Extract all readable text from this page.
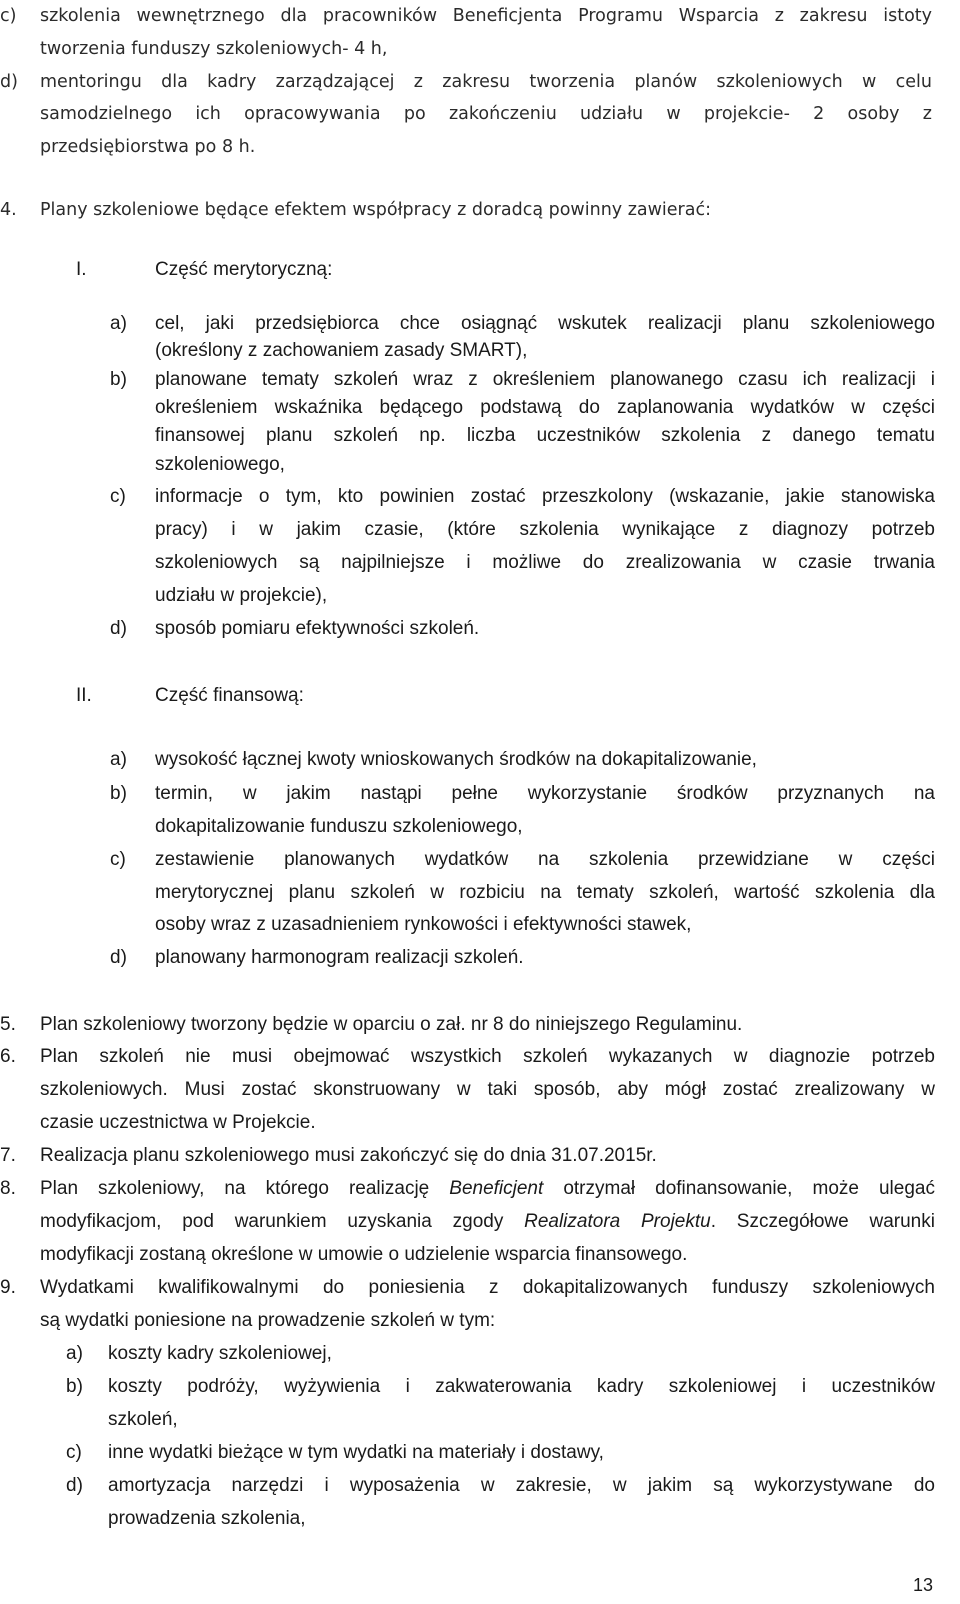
c) szkolenia wewnętrznego dla pracowników Beneficjenta Programu Wsparcia z zakresu istoty
tworzenia funduszy szkoleniowych- 4 h,
d) mentoringu dla kadry zarządzającej z zakresu tworzenia planów szkoleniowych w celu
samodzielnego ich opracowywania po zakończeniu udziału w projekcie- 2 osoby z
przedsiębiorstwa po 8 h.
4. Plany szkoleniowe będące efektem współpracy z doradcą powinny zawierać:
I.	Część merytoryczną:
a) cel, jaki przedsiębiorca chce osiągnąć wskutek realizacji planu szkoleniowego
(określony z zachowaniem zasady SMART),
b) planowane tematy szkoleń wraz z określeniem planowanego czasu ich realizacji i
określeniem wskaźnika będącego podstawą do zaplanowania wydatków w części
finansowej planu szkoleń np. liczba uczestników szkolenia z danego tematu
szkoleniowego,
c) informacje o tym, kto powinien zostać przeszkolony (wskazanie, jakie stanowiska
pracy) i w jakim czasie, (które szkolenia wynikające z diagnozy potrzeb
szkoleniowych są najpilniejsze i możliwe do zrealizowania w czasie trwania
udziału w projekcie),
d) sposób pomiaru efektywności szkoleń.
II.	Część finansową:
a) wysokość łącznej kwoty wnioskowanych środków na dokapitalizowanie,
b) termin, w jakim nastąpi pełne wykorzystanie środków przyznanych na
dokapitalizowanie funduszu szkoleniowego,
c) zestawienie planowanych wydatków na szkolenia przewidziane w części
merytorycznej planu szkoleń w rozbiciu na tematy szkoleń, wartość szkolenia dla
osoby wraz z uzasadnieniem rynkowości i efektywności stawek,
d) planowany harmonogram realizacji szkoleń.
5. Plan szkoleniowy tworzony będzie w oparciu o zał. nr 8 do niniejszego Regulaminu.
6. Plan szkoleń nie musi obejmować wszystkich szkoleń wykazanych w diagnozie potrzeb
szkoleniowych. Musi zostać skonstruowany w taki sposób, aby mógł zostać zrealizowany w
czasie uczestnictwa w Projekcie.
7. Realizacja planu szkoleniowego musi zakończyć się do dnia 31.07.2015r.
8. Plan szkoleniowy, na którego realizację Beneficjent otrzymał dofinansowanie, może ulegać
modyfikacjom, pod warunkiem uzyskania zgody Realizatora Projektu. Szczegółowe warunki
modyfikacji zostaną określone w umowie o udzielenie wsparcia finansowego.
9. Wydatkami kwalifikowalnymi do poniesienia z dokapitalizowanych funduszy szkoleniowych
są wydatki poniesione na prowadzenie szkoleń w tym:
a) koszty kadry szkoleniowej,
b) koszty podróży, wyżywienia i zakwaterowania kadry szkoleniowej i uczestników
szkoleń,
c) inne wydatki bieżące w tym wydatki na materiały i dostawy,
d) amortyzacja narzędzi i wyposażenia w zakresie, w jakim są wykorzystywane do
prowadzenia szkolenia,
13
